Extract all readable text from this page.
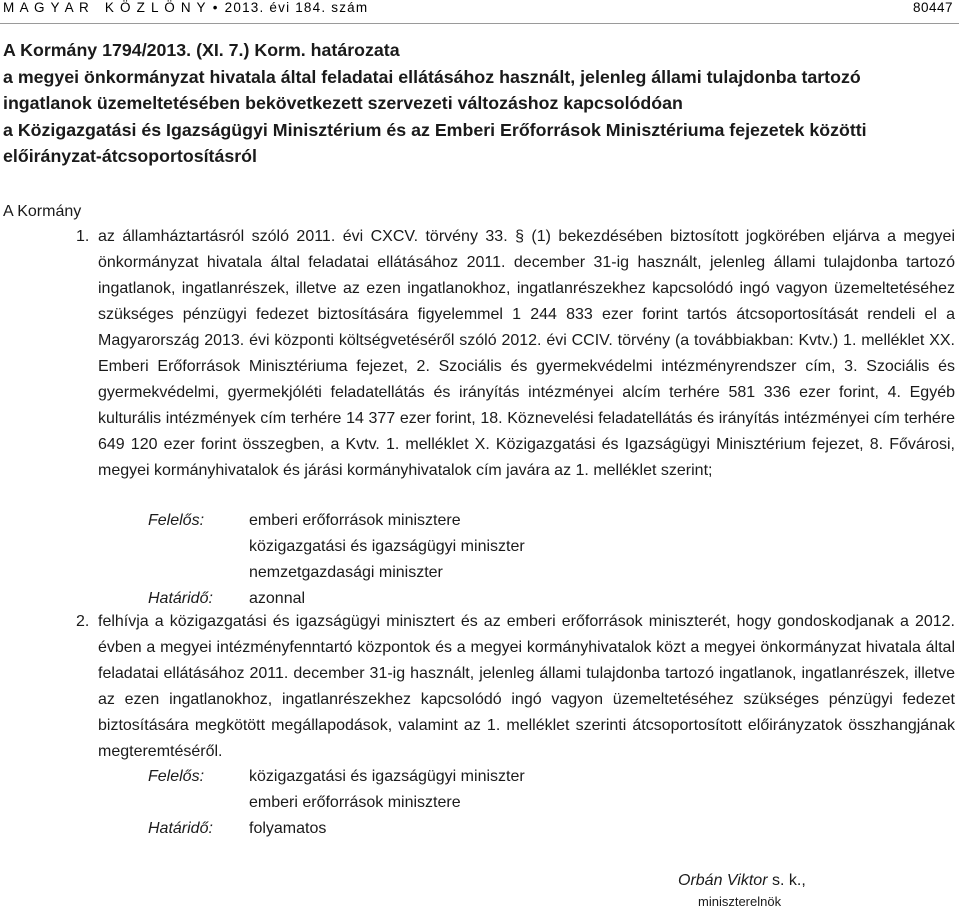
M A G Y A R   K Ö Z L Ö N Y • 2013. évi 184. szám	80447
A Kormány 1794/2013. (XI. 7.) Korm. határozata
a megyei önkormányzat hivatala által feladatai ellátásához használt, jelenleg állami tulajdonba tartozó
ingatlanok üzemeltetésében bekövetkezett szervezeti változáshoz kapcsolódóan
a Közigazgatási és Igazságügyi Minisztérium és az Emberi Erőforrások Minisztériuma fejezetek közötti
előirányzat-átcsoportosításról
A Kormány
1. az államháztartásról szóló 2011. évi CXCV. törvény 33. § (1) bekezdésében biztosított jogkörében eljárva a megyei önkormányzat hivatala által feladatai ellátásához 2011. december 31-ig használt, jelenleg állami tulajdonba tartozó ingatlanok, ingatlanrészek, illetve az ezen ingatlanokhoz, ingatlanrészekhez kapcsolódó ingó vagyon üzemeltetéséhez szükséges pénzügyi fedezet biztosítására figyelemmel 1 244 833 ezer forint tartós átcsoportosítását rendeli el a Magyarország 2013. évi központi költségvetéséről szóló 2012. évi CCIV. törvény (a továbbiakban: Kvtv.) 1. melléklet XX. Emberi Erőforrások Minisztériuma fejezet, 2. Szociális és gyermekvédelmi intézményrendszer cím, 3. Szociális és gyermekvédelmi, gyermekjóléti feladatellátás és irányítás intézményei alcím terhére 581 336 ezer forint, 4. Egyéb kulturális intézmények cím terhére 14 377 ezer forint, 18. Köznevelési feladatellátás és irányítás intézményei cím terhére 649 120 ezer forint összegben, a Kvtv. 1. melléklet X. Közigazgatási és Igazságügyi Minisztérium fejezet, 8. Fővárosi, megyei kormányhivatalok és járási kormányhivatalok cím javára az 1. melléklet szerint;
Felelős:	emberi erőforrások minisztere
közigazgatási és igazságügyi miniszter
nemzetgazdasági miniszter
Határidő: azonnal
2. felhívja a közigazgatási és igazságügyi minisztert és az emberi erőforrások miniszterét, hogy gondoskodjanak a 2012. évben a megyei intézményfenntartó központok és a megyei kormányhivatalok közt a megyei önkormányzat hivatala által feladatai ellátásához 2011. december 31-ig használt, jelenleg állami tulajdonba tartozó ingatlanok, ingatlanrészek, illetve az ezen ingatlanokhoz, ingatlanrészekhez kapcsolódó ingó vagyon üzemeltetéséhez szükséges pénzügyi fedezet biztosítására megkötött megállapodások, valamint az 1. melléklet szerinti átcsoportosított előirányzatok összhangjának megteremtéséről.
Felelős:	közigazgatási és igazságügyi miniszter
emberi erőforrások minisztere
Határidő: folyamatos
Orbán Viktor s. k.,
miniszterelnök
